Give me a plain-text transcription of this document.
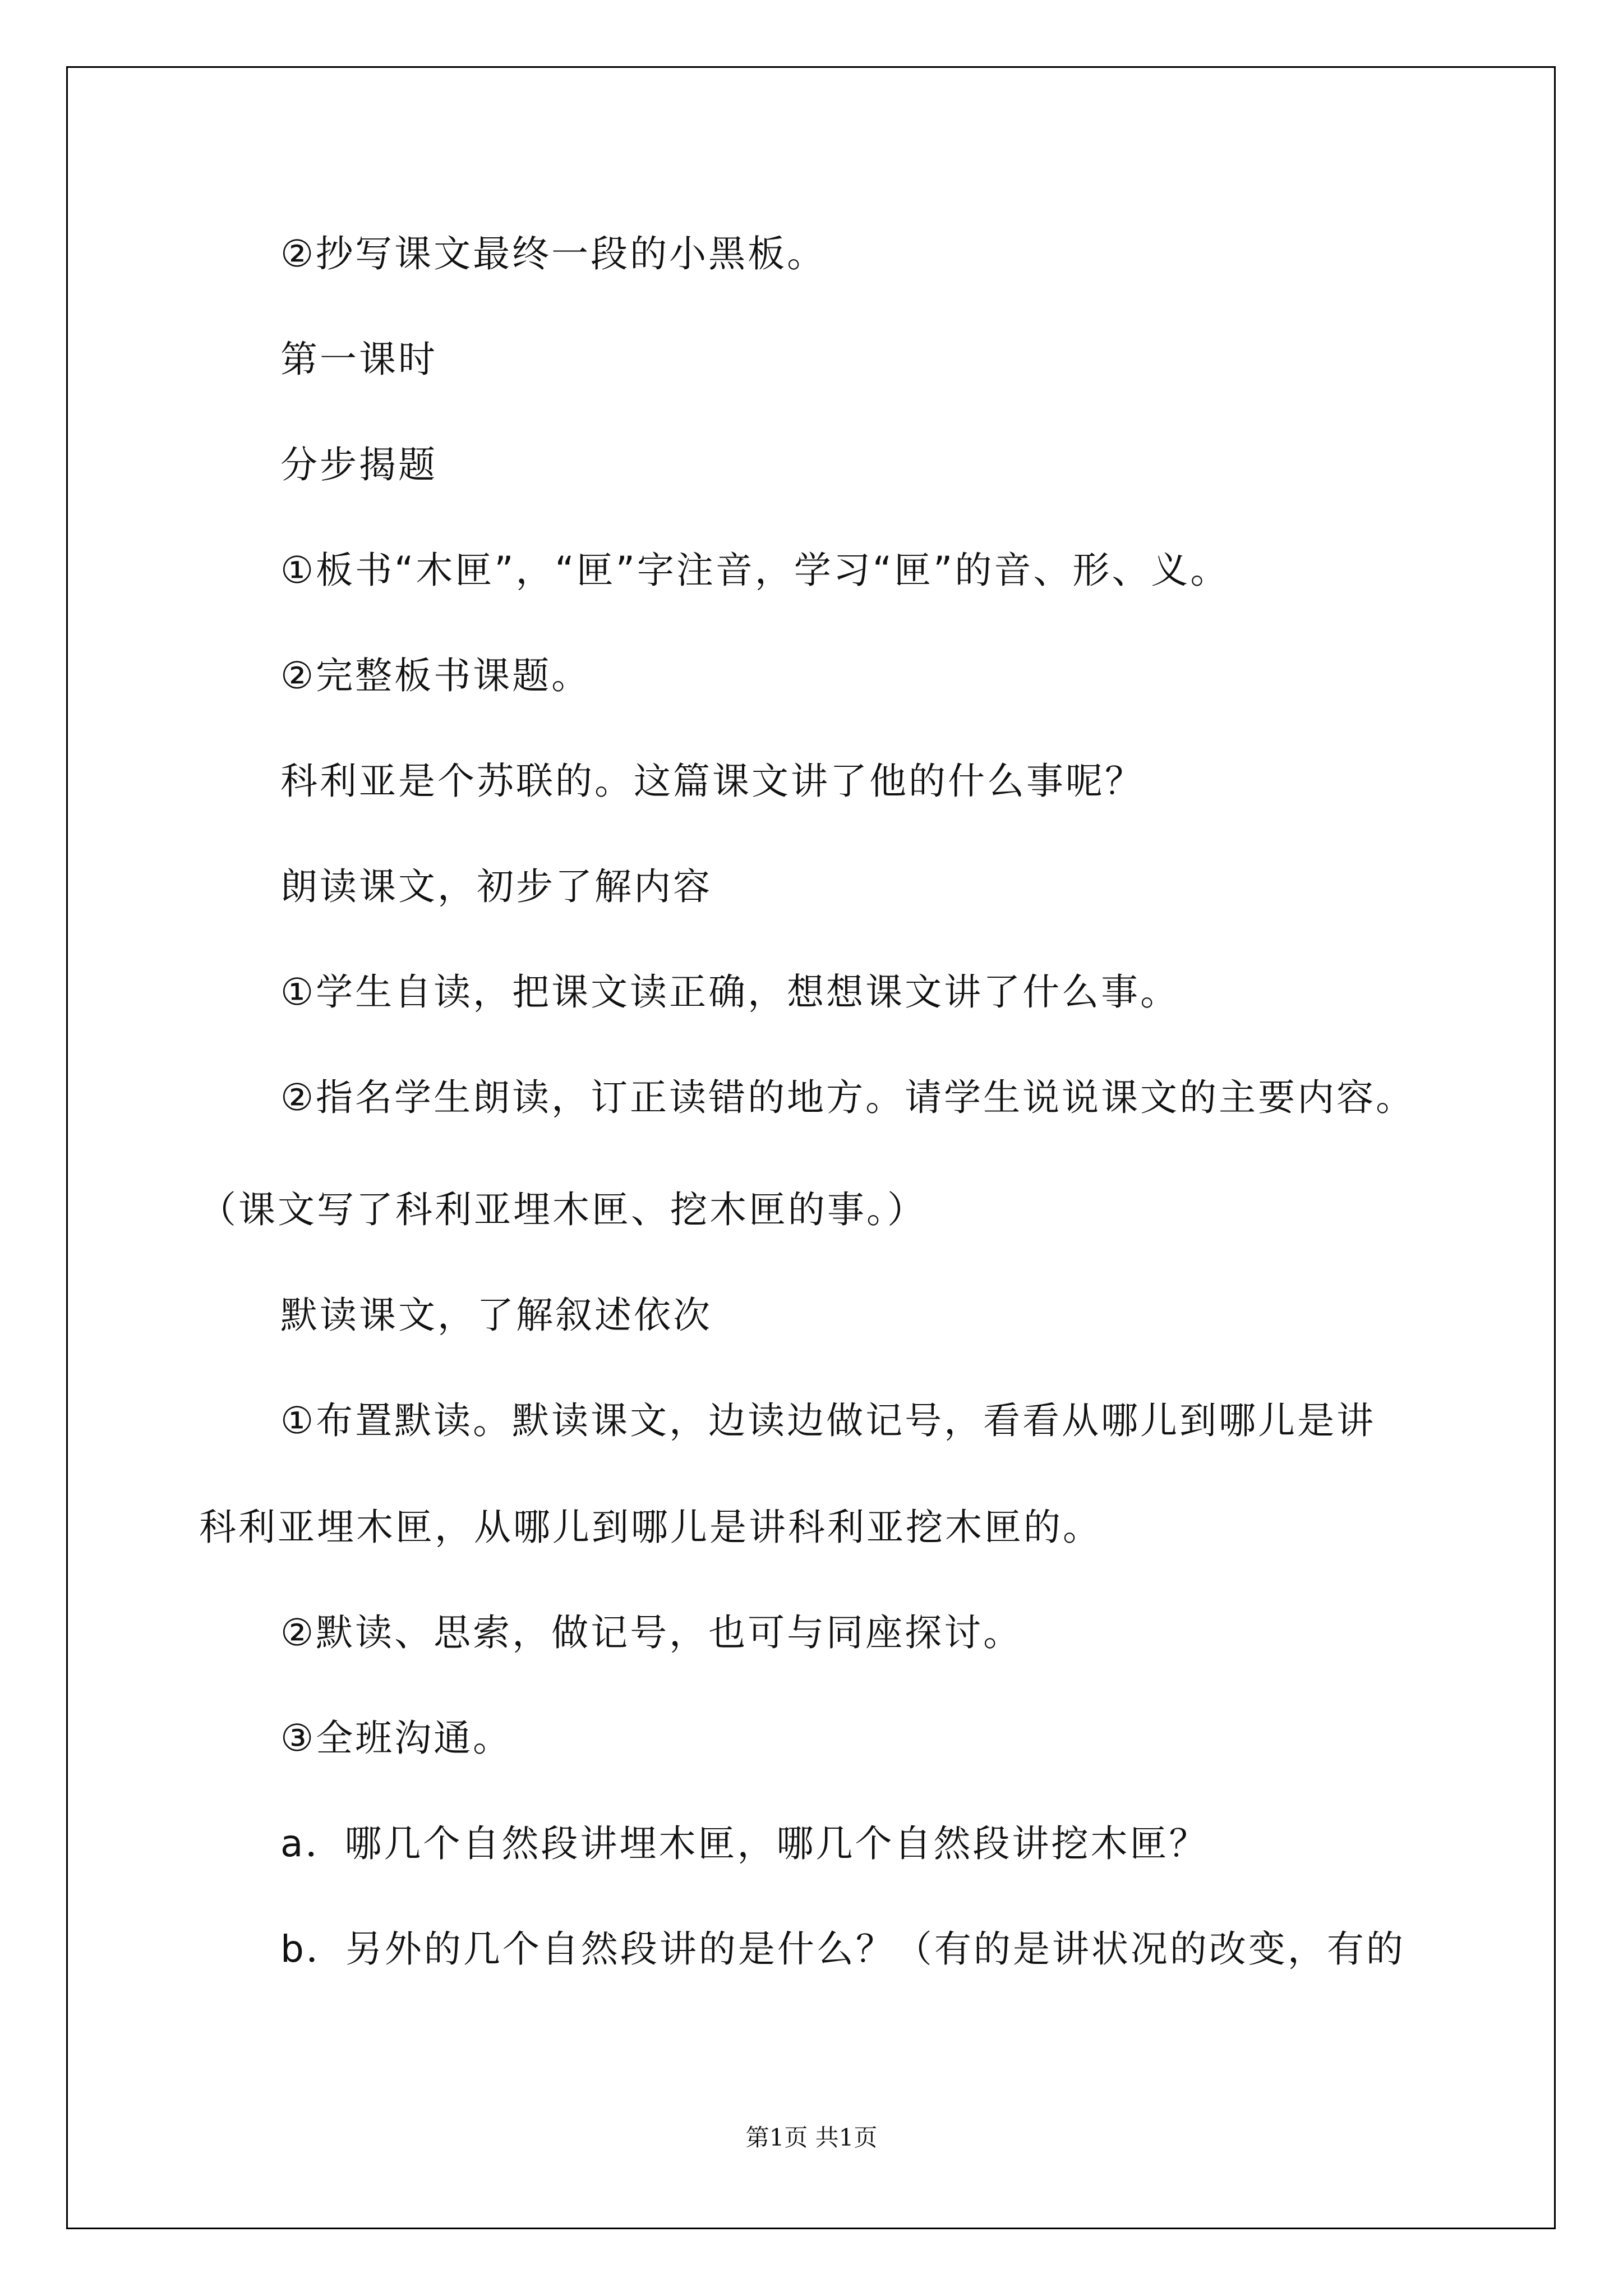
②抄写课文最终一段的小黑板。
第一课时
分步揭题
①板书“木匣”，“匣”字注音，学习“匣”的音、形、义。
②完整板书课题。
科利亚是个苏联的。这篇课文讲了他的什么事呢？
朗读课文，初步了解内容
①学生自读，把课文读正确，想想课文讲了什么事。
②指名学生朗读，订正读错的地方。请学生说说课文的主要内容。
（课文写了科利亚埋木匣、挖木匣的事。）
默读课文，了解叙述依次
①布置默读。默读课文，边读边做记号，看看从哪儿到哪儿是讲
科利亚埋木匣，从哪儿到哪儿是讲科利亚挖木匣的。
②默读、思索，做记号，也可与同座探讨。
③全班沟通。
a．哪几个自然段讲埋木匣，哪几个自然段讲挖木匣？
b．另外的几个自然段讲的是什么？（有的是讲状况的改变，有的
第1页 共1页
